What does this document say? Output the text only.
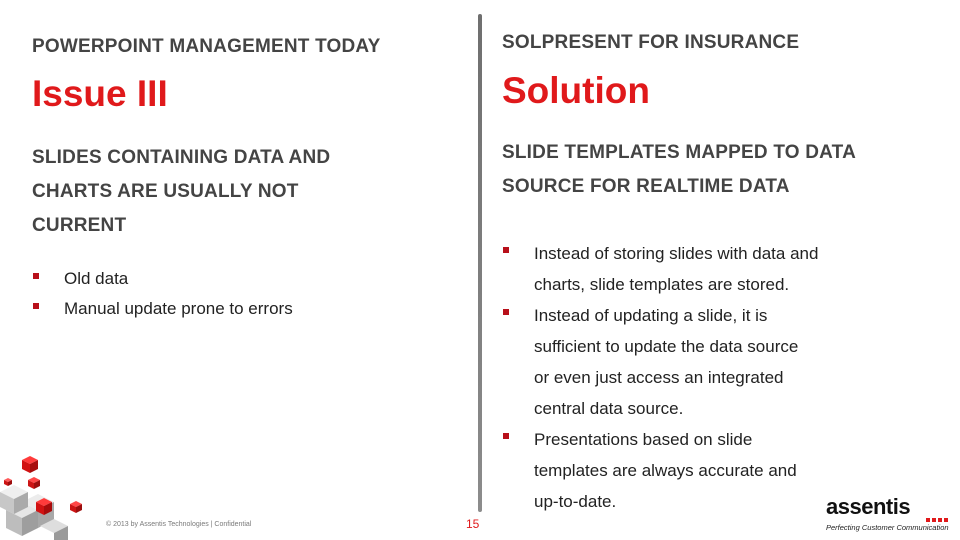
POWERPOINT MANAGEMENT TODAY
Issue III
SLIDES CONTAINING DATA AND
CHARTS ARE USUALLY NOT
CURRENT
Old data
Manual update prone to errors
SOLPRESENT FOR INSURANCE
Solution
SLIDE TEMPLATES MAPPED TO DATA
SOURCE FOR REALTIME DATA
Instead of storing slides with data and
charts, slide templates are stored.
Instead of updating a slide, it is
sufficient to update the data source
or even just access an integrated
central data source.
Presentations based on slide
templates are always accurate and
up-to-date.
© 2013 by Assentis Technologies | Confidential	15
assentis
Perfecting Customer Communication
